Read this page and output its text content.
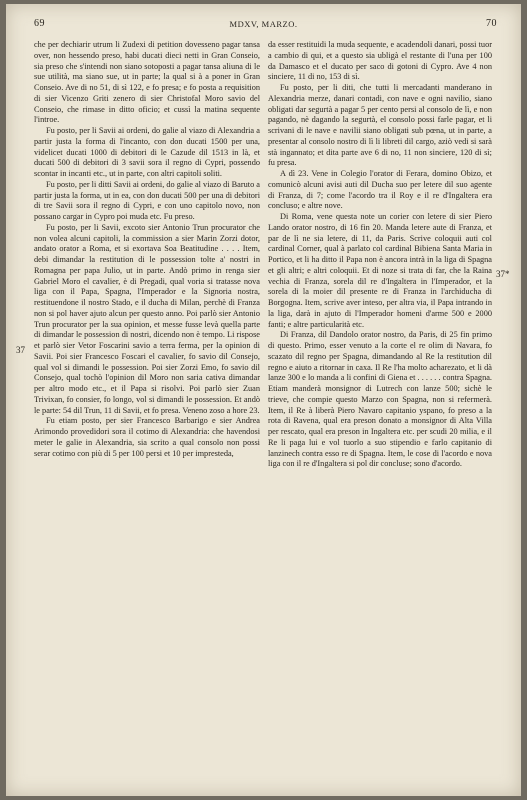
69	MDXV, MARZO.	70
37
37*

che per dechiarir utrum li Zudexi di petition dovesseno pagar tansa over, non hessendo preso, habi ducati dieci netti in Gran Conseio, sia preso che s'intendi non siano sotoposti a pagar tansa aliuna di le sue utilità, ma siano sue, ut in parte; la qual si à a poner in Gran Conseio. Ave di no 51, di sì 122, e fo presa; e fo posta a requisition di sier Vicenzo Griti zenero di sier Christofal Moro savio del Conseio, che rimase in ditto oficio; et cussì la matina sequente l'introe.

Fu posto, per li Savii ai ordeni, do galie al viazo di Alexandria a partir justa la forma di l'incanto, con don ducati 1500 per una, videlicet ducati 1000 di debitori di le Cazude dil 1513 in là, et ducati 500 di debitori di 3 savii sora il regno di Cypri, possendo scontar in incanti etc., ut in parte, con altri capitoli soliti.

Fu posto, per li ditti Savii ai ordeni, do galie al viazo di Baruto a partir justa la forma, ut in ea, con don ducati 500 per una di debitori di tre Savii sora il regno di Cypri, e con uno capitolo novo, non possano cargar in Cypro poi muda etc. Fu preso.

Fu posto, per li Savii, excoto sier Antonio Trun procurator che non volea alcuni capitoli, la commission a sier Marin Zorzi dotor, andato orator a Roma, et si exortava Soa Beatitudine . . . . Item, debi dimandar la restitution di le possession tolte a' nostri in Romagna per papa Julio, ut in parte. Andò primo in renga sier Gabriel Moro el cavalier, è di Pregadi, qual voria si tratasse nova liga con il Papa, Spagna, l'Imperador e la Signoria nostra, restituendone il nostro Stado, e il ducha di Milan, perchè di Franza non si pol haver ajuto alcun per questo anno. Poi parlò sier Antonio Trun procurator per la sua opinion, et messe fusse levà quella parte di dimandar le possession di nostri, dicendo non è tempo. Li rispose et parlò sier Vetor Foscarini savio a terra ferma, per la opinion di Savii. Poi sier Francesco Foscari el cavalier, fo savio dil Consejo, qual vol si dimandi le possession. Poi sier Zorzi Emo, fo savio dil Consejo, qual tochò l'opinion dil Moro non saria cativa dimandar per altro modo etc., et il Papa si risolvi. Poi parlò sier Zuan Trivixan, fo consier, fo longo, vol si dimandi le possession. Et andò le parte: 54 dil Trun, 11 di Savii, et fo presa. Veneno zoso a hore 23.

Fu etiam posto, per sier Francesco Barbarigo e sier Andrea Arimondo provedidori sora il cotimo di Alexandria: che havendosi meter le galie in Alexandria, sia scrito a qual consolo non possi serar cotimo con più di 5 per 100 persi et 10 per impresteda,

da esser restituidi la muda sequente, e acadendoli danari, possi tuor a cambio di qui, et a questo sia ubligà el restante di l'una per 100 da Damasco et el ducato per saco di gotoni di Cypro. Ave 4 non sinciere, 11 di no, 153 di sì.

Fu posto, per li diti, che tutti li mercadanti manderano in Alexandria merze, danari contadi, con nave e ogni navilio, siano obligati dar segurtà a pagar 5 per cento persi al consolo de lì, e non pagando, nè dagando la segurtà, el consolo possi farle pagar, et li scrivani di le nave e navilii siano obligati sub pœna, ut in parte, a presentar al consolo nostro di lì li libreti dil cargo, aziò vedi si sarà stà ingannato; et dita parte ave 6 di no, 11 non sinciere, 120 di sì; fu presa.

A dì 23. Vene in Colegio l'orator di Ferara, domino Obizo, et comunicò alcuni avisi auti dil Ducha suo per letere dil suo agente di Franza, di 7; come l'acordo tra il Roy e il re d'Ingaltera era concluso; e altre nove.

Di Roma, vene questa note un corier con letere di sier Piero Lando orator nostro, di 16 fin 20. Manda letere aute di Franza, et par de lì ne sia letere, di 11, da Paris. Scrive coloquii auti col cardinal Corner, qual à parlato col cardinal Bibiena Santa Maria in Portico, et li ha ditto il Papa non è ancora intrà in la liga di Spagna et gli altri; e altri coloquii. Et di noze si trata di far, che la Raina vechia di Franza, sorela dil re d'Ingaltera in l'Imperador, et la sorela di la moier dil presente re di Franza in l'archiducha di Borgogna. Item, scrive aver inteso, per altra via, il Papa intrando in la liga, darà in ajuto di l'Imperador homeni d'arme 500 e 2000 fanti; e altre particularità etc.

Di Franza, dil Dandolo orator nostro, da Paris, di 25 fin primo di questo. Primo, esser venuto a la corte el re olim di Navara, fo scazato dil regno per Spagna, dimandando al Re la restitution dil regno e aiuto a ritornar in caxa. Il Re l'ha molto acharezato, et li dà lanze 300 e lo manda a li confini di Giena et . . . . . . contra Spagna. Etiam manderà monsignor di Lutrech con lanze 500; sichè le trieve, che compie questo Marzo con Spagna, non si refermerà. Item, il Re à liberà Piero Navaro capitanio yspano, fo preso a la rota di Ravena, qual era preson donato a monsignor di Alta Villa per rescato, qual era preson in Ingaltera etc. per scudi 20 milia, e il Re li paga lui e vol tuorlo a suo stipendio e farlo capitanio di lanzinech contra esso re di Spagna. Item, le cose di l'acordo e nova liga con il re d'Ingaltera si pol dir concluse; sono d'acordo.
